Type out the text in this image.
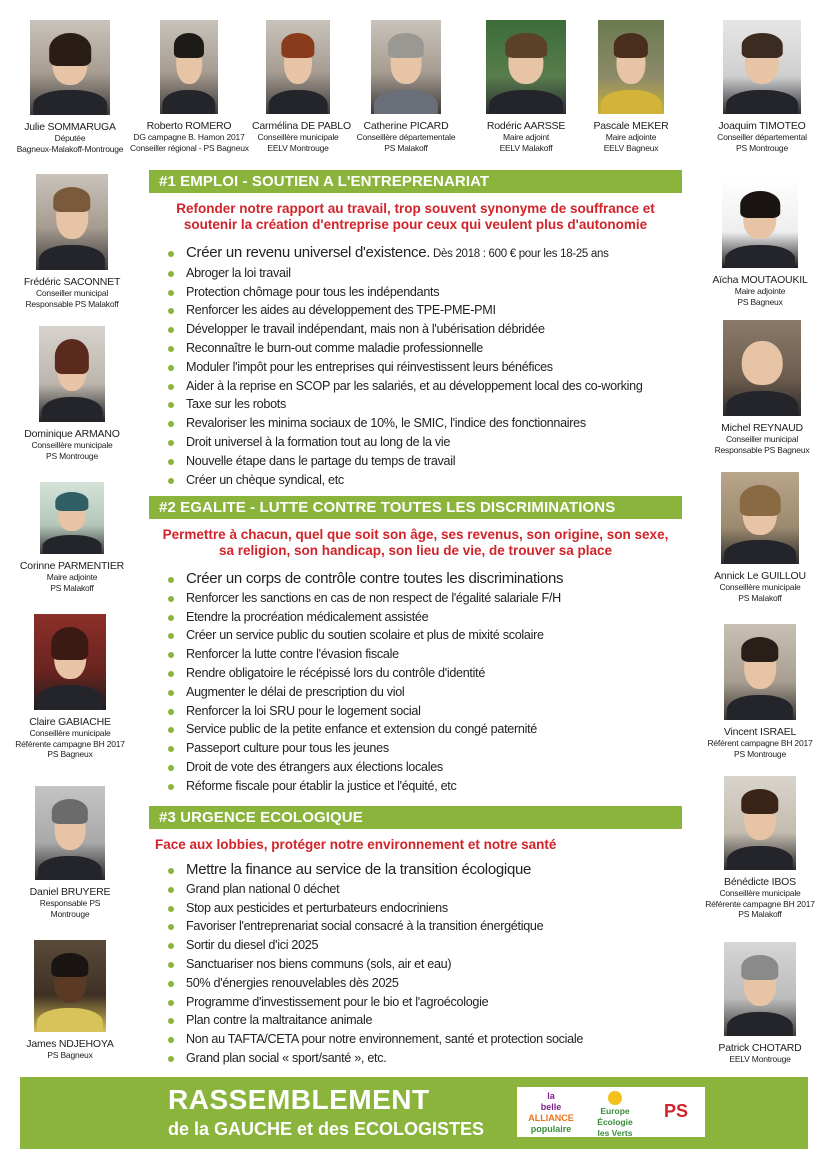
Julie SOMMARUGA
Députée
Bagneux-Malakoff-Montrouge
Roberto ROMERO
DG campagne B. Hamon 2017
Conseiller régional - PS Bagneux
Carmélina DE PABLO
Conseillère municipale
EELV Montrouge
Catherine PICARD
Conseillère départementale
PS Malakoff
Rodéric AARSSE
Maire adjoint
EELV Malakoff
Pascale MEKER
Maire adjointe
EELV Bagneux
Joaquim TIMOTEO
Conseiller départemental
PS Montrouge
Frédéric SACONNET
Conseiller municipal
Responsable PS Malakoff
Dominique ARMANO
Conseillère municipale
PS Montrouge
Corinne PARMENTIER
Maire adjointe
PS Malakoff
Claire GABIACHE
Conseillère municipale
Référente campagne BH 2017
PS Bagneux
Daniel BRUYERE
Responsable PS
Montrouge
James NDJEHOYA
PS Bagneux
Aïcha MOUTAOUKIL
Maire adjointe
PS Bagneux
Michel REYNAUD
Conseiller municipal
Responsable PS Bagneux
Annick Le GUILLOU
Conseillère municipale
PS Malakoff
Vincent ISRAEL
Référent campagne BH 2017
PS Montrouge
Bénédicte IBOS
Conseillère municipale
Référente campagne BH 2017
PS Malakoff
Patrick CHOTARD
EELV Montrouge
#1 EMPLOI - SOUTIEN A L'ENTREPRENARIAT
Refonder notre rapport au travail, trop souvent synonyme de souffrance et
soutenir la création d'entreprise pour ceux qui veulent plus d'autonomie
Créer un revenu universel d'existence. Dès 2018 : 600 € pour les 18-25 ans
Abroger la loi travail
Protection chômage pour tous les indépendants
Renforcer les aides au développement des TPE-PME-PMI
Développer le travail indépendant, mais non à l'ubérisation débridée
Reconnaître le burn-out comme maladie professionnelle
Moduler l'impôt pour les entreprises qui réinvestissent leurs bénéfices
Aider à la reprise en SCOP par les salariés, et au développement local des co-working
Taxe sur les robots
Revaloriser les minima sociaux de 10%, le SMIC, l'indice des fonctionnaires
Droit universel à la formation tout au long de la vie
Nouvelle étape dans le partage du temps de travail
Créer un chèque syndical, etc
#2 EGALITE - LUTTE CONTRE TOUTES LES DISCRIMINATIONS
Permettre à chacun, quel que soit son âge, ses revenus, son origine, son sexe,
sa religion, son handicap, son lieu de vie, de trouver sa place
Créer un corps de contrôle contre toutes les discriminations
Renforcer les sanctions en cas de non respect de l'égalité salariale F/H
Etendre la procréation médicalement assistée
Créer un service public du soutien scolaire et plus de mixité scolaire
Renforcer la lutte contre l'évasion fiscale
Rendre obligatoire le récépissé lors du contrôle d'identité
Augmenter le délai de prescription du viol
Renforcer la loi SRU pour le logement social
Service public de la petite enfance et extension du congé paternité
Passeport culture pour tous les jeunes
Droit de vote des étrangers aux élections locales
Réforme fiscale pour établir la justice et l'équité, etc
#3 URGENCE ECOLOGIQUE
Face aux lobbies, protéger notre environnement et notre santé
Mettre la finance au service de la transition écologique
Grand plan national 0 déchet
Stop aux pesticides et perturbateurs endocriniens
Favoriser l'entreprenariat social consacré à la transition énergétique
Sortir du diesel d'ici 2025
Sanctuariser nos biens communs (sols, air et eau)
50% d'énergies renouvelables dès 2025
Programme d'investissement pour le bio et l'agroécologie
Plan contre la maltraitance animale
Non au TAFTA/CETA pour notre environnement, santé et protection sociale
Grand plan social « sport/santé », etc.
RASSEMBLEMENT
de la GAUCHE et des ECOLOGISTES
la
belle
ALLIANCE
populaire
Europe
Écologie
les Verts
PS
